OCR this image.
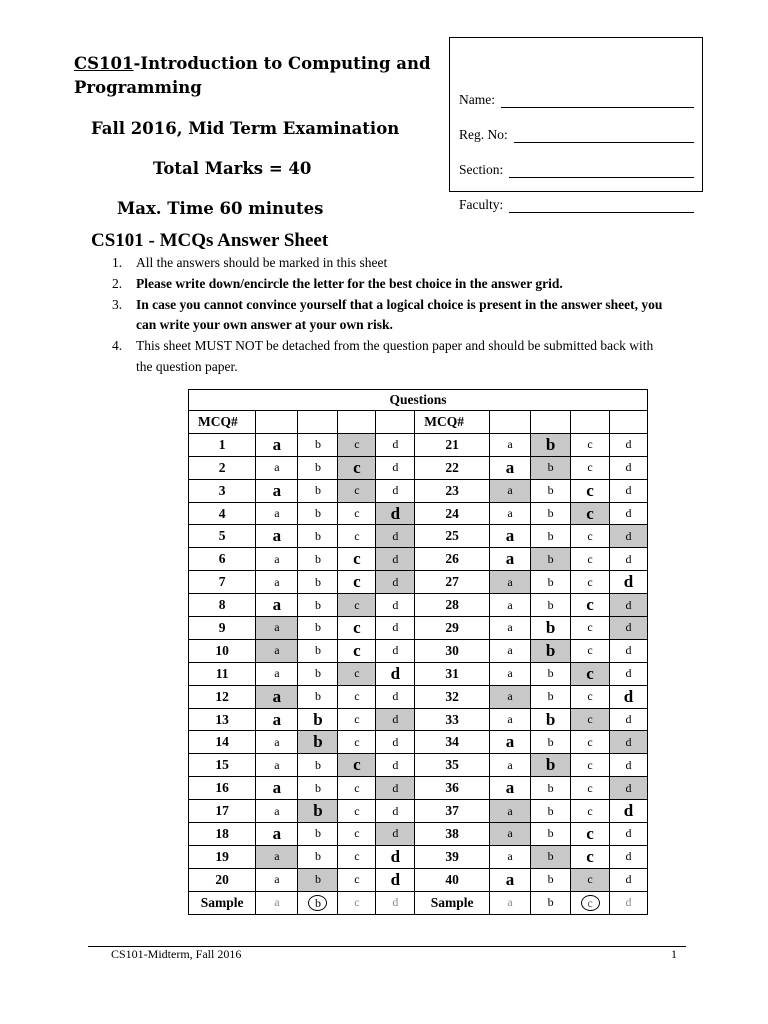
CS101-Introduction to Computing and Programming
Fall 2016, Mid Term Examination
Total Marks = 40
Max. Time 60 minutes
Name:
Reg. No:
Section:
Faculty:
CS101 - MCQs Answer Sheet
1. All the answers should be marked in this sheet
2. Please write down/encircle the letter for the best choice in the answer grid.
3. In case you cannot convince yourself that a logical choice is present in the answer sheet, you can write your own answer at your own risk.
4. This sheet MUST NOT be detached from the question paper and should be submitted back with the question paper.
Questions									
MCQ#					MCQ#				
1	a	b	c	d	21	a	b	c	d
2	a	b	c	d	22	a	b	c	d
3	a	b	c	d	23	a	b	c	d
4	a	b	c	d	24	a	b	c	d
5	a	b	c	d	25	a	b	c	d
6	a	b	c	d	26	a	b	c	d
7	a	b	c	d	27	a	b	c	d
8	a	b	c	d	28	a	b	c	d
9	a	b	c	d	29	a	b	c	d
10	a	b	c	d	30	a	b	c	d
11	a	b	c	d	31	a	b	c	d
12	a	b	c	d	32	a	b	c	d
13	a	b	c	d	33	a	b	c	d
14	a	b	c	d	34	a	b	c	d
15	a	b	c	d	35	a	b	c	d
16	a	b	c	d	36	a	b	c	d
17	a	b	c	d	37	a	b	c	d
18	a	b	c	d	38	a	b	c	d
19	a	b	c	d	39	a	b	c	d
20	a	b	c	d	40	a	b	c	d
Sample	a	b	c	d	Sample	a	b	c	d
CS101-Midterm, Fall 2016	1
